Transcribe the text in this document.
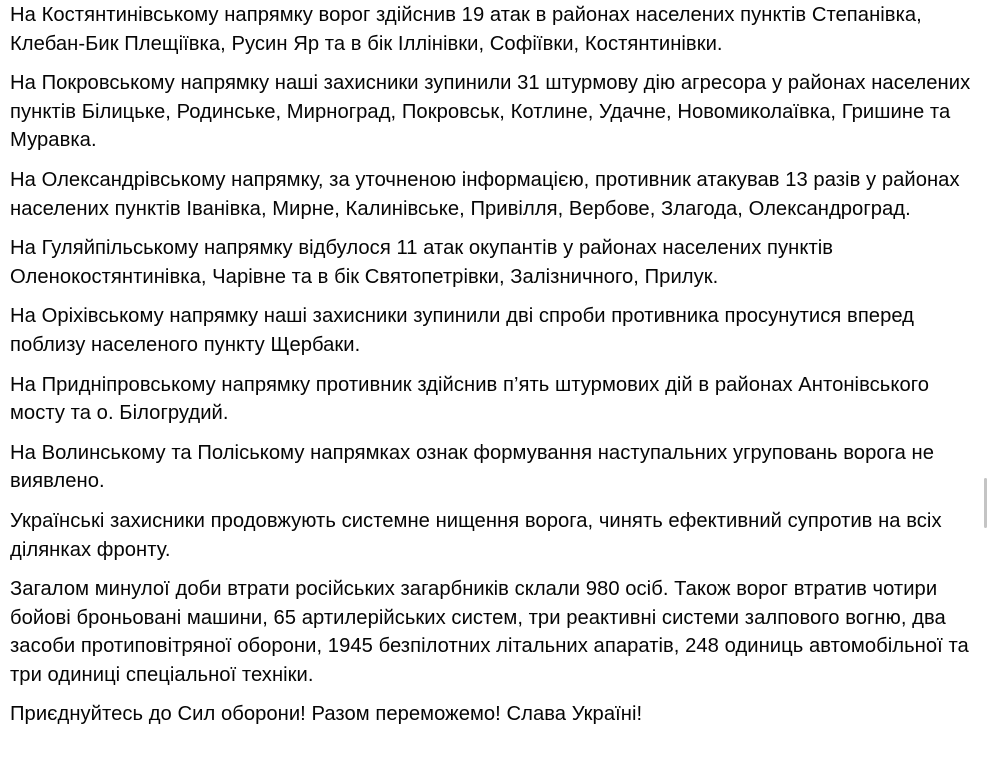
На Костянтинівському напрямку ворог здійснив 19 атак в районах населених пунктів Степанівка, Клебан-Бик Плещіївка, Русин Яр та в бік Іллінівки, Софіївки, Костянтинівки.

На Покровському напрямку наші захисники зупинили 31 штурмову дію агресора у районах населених пунктів Білицьке, Родинське, Мирноград, Покровськ, Котлине, Удачне, Новомиколаївка, Гришине та Муравка.

На Олександрівському напрямку, за уточненою інформацією, противник атакував 13 разів у районах населених пунктів Іванівка, Мирне, Калинівське, Привілля, Вербове, Злагода, Олександроград.

На Гуляйпільському напрямку відбулося 11 атак окупантів у районах населених пунктів Оленокостянтинівка, Чарівне та в бік Святопетрівки, Залізничного, Прилук.

На Оріхівському напрямку наші захисники зупинили дві спроби противника просунутися вперед поблизу населеного пункту Щербаки.

На Придніпровському напрямку противник здійснив п’ять штурмових дій в районах Антонівського мосту та о. Білогрудий.

На Волинському та Поліському напрямках ознак формування наступальних угруповань ворога не виявлено.

Українські захисники продовжують системне нищення ворога, чинять ефективний супротив на всіх ділянках фронту.

Загалом минулої доби втрати російських загарбників склали 980 осіб. Також ворог втратив чотири бойові броньовані машини, 65 артилерійських систем, три реактивні системи залпового вогню, два засоби протиповітряної оборони, 1945 безпілотних літальних апаратів, 248 одиниць автомобільної та три одиниці спеціальної техніки.

Приєднуйтесь до Сил оборони! Разом переможемо! Слава Україні!
